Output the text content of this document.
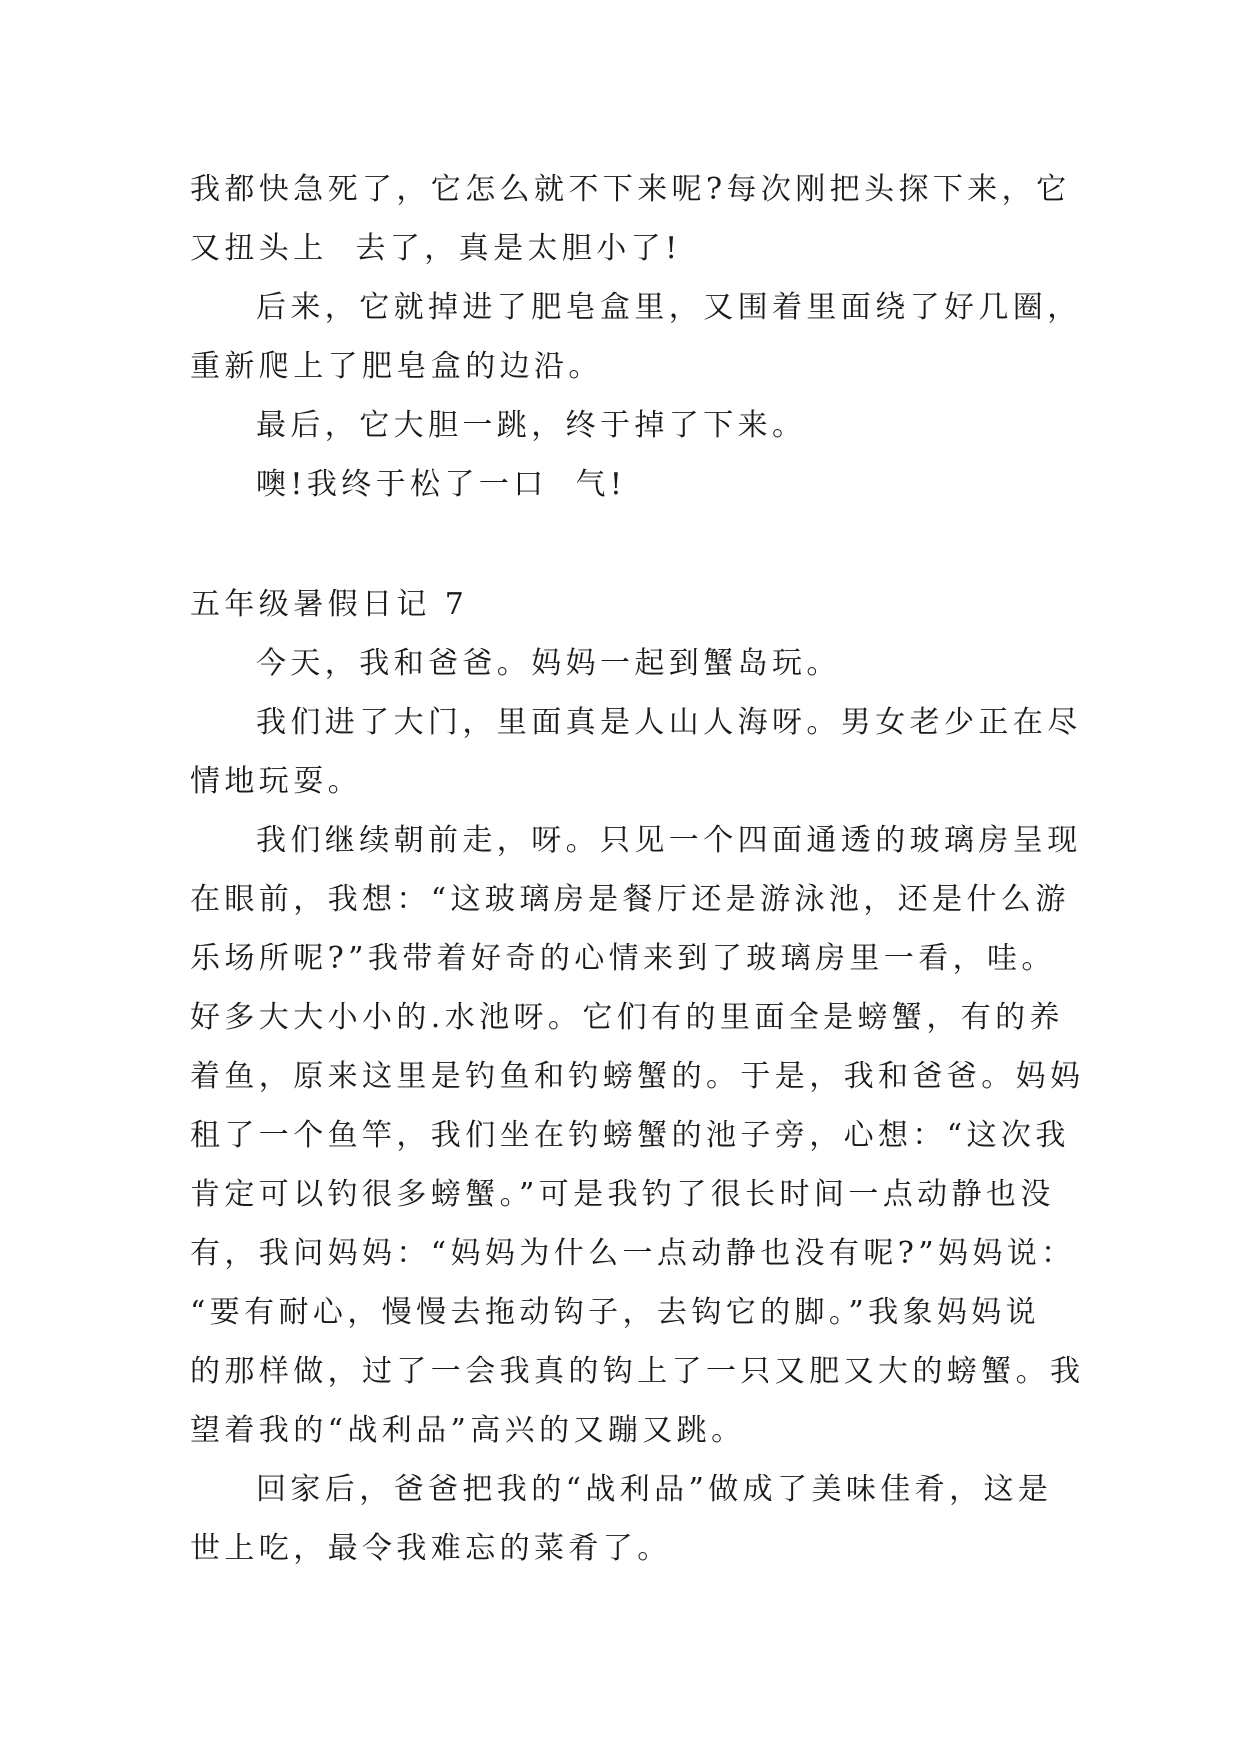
我都快急死了，它怎么就不下来呢?每次刚把头探下来，它
又扭头上  去了，真是太胆小了!
后来，它就掉进了肥皂盒里，又围着里面绕了好几圈，
重新爬上了肥皂盒的边沿。
最后，它大胆一跳，终于掉了下来。
噢!我终于松了一口  气!
五年级暑假日记 7
今天，我和爸爸。妈妈一起到蟹岛玩。
我们进了大门，里面真是人山人海呀。男女老少正在尽
情地玩耍。
我们继续朝前走，呀。只见一个四面通透的玻璃房呈现
在眼前，我想：“这玻璃房是餐厅还是游泳池，还是什么游
乐场所呢?”我带着好奇的心情来到了玻璃房里一看，哇。
好多大大小小的.水池呀。它们有的里面全是螃蟹，有的养
着鱼，原来这里是钓鱼和钓螃蟹的。于是，我和爸爸。妈妈
租了一个鱼竿，我们坐在钓螃蟹的池子旁，心想：“这次我
肯定可以钓很多螃蟹。”可是我钓了很长时间一点动静也没
有，我问妈妈：“妈妈为什么一点动静也没有呢?”妈妈说：
“要有耐心，慢慢去拖动钩子，去钩它的脚。”我象妈妈说
的那样做，过了一会我真的钩上了一只又肥又大的螃蟹。我
望着我的“战利品”高兴的又蹦又跳。
回家后，爸爸把我的“战利品”做成了美味佳肴，这是
世上吃，最令我难忘的菜肴了。
